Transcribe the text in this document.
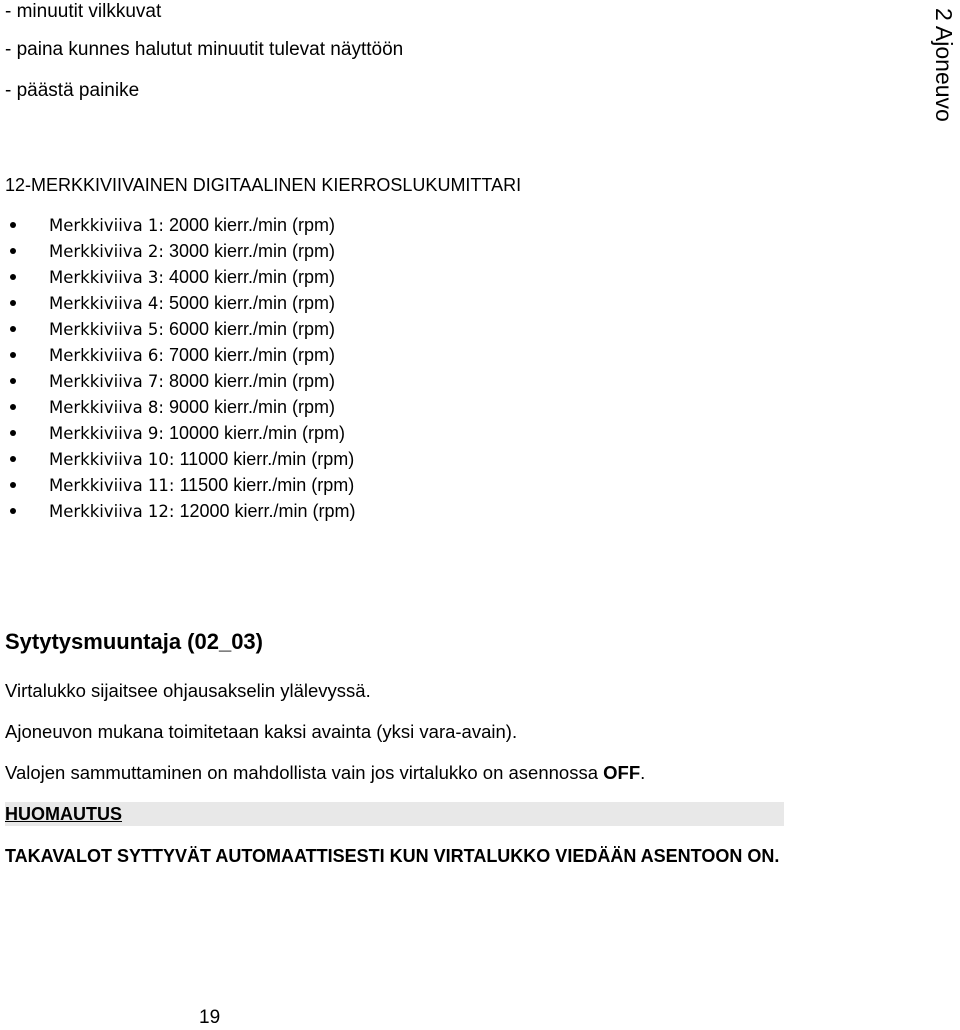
- minuutit vilkkuvat
- paina kunnes halutut minuutit tulevat näyttöön
- päästä painike
12-MERKKIVIIVAINEN DIGITAALINEN KIERROSLUKUMITTARI
Merkkiviiva 1: 2000 kierr./min (rpm)
Merkkiviiva 2: 3000 kierr./min (rpm)
Merkkiviiva 3: 4000 kierr./min (rpm)
Merkkiviiva 4: 5000 kierr./min (rpm)
Merkkiviiva 5: 6000 kierr./min (rpm)
Merkkiviiva 6: 7000 kierr./min (rpm)
Merkkiviiva 7: 8000 kierr./min (rpm)
Merkkiviiva 8: 9000 kierr./min (rpm)
Merkkiviiva 9: 10000 kierr./min (rpm)
Merkkiviiva 10: 11000 kierr./min (rpm)
Merkkiviiva 11: 11500 kierr./min (rpm)
Merkkiviiva 12: 12000 kierr./min (rpm)
Sytytysmuuntaja (02_03)
Virtalukko sijaitsee ohjausakselin ylälevyssä.
Ajoneuvon mukana toimitetaan kaksi avainta (yksi vara-avain).
Valojen sammuttaminen on mahdollista vain jos virtalukko on asennossa OFF.
HUOMAUTUS
TAKAVALOT SYTTYVÄT AUTOMAATTISESTI KUN VIRTALUKKO VIEDÄÄN ASENTOON ON.
19
2 Ajoneuvo
